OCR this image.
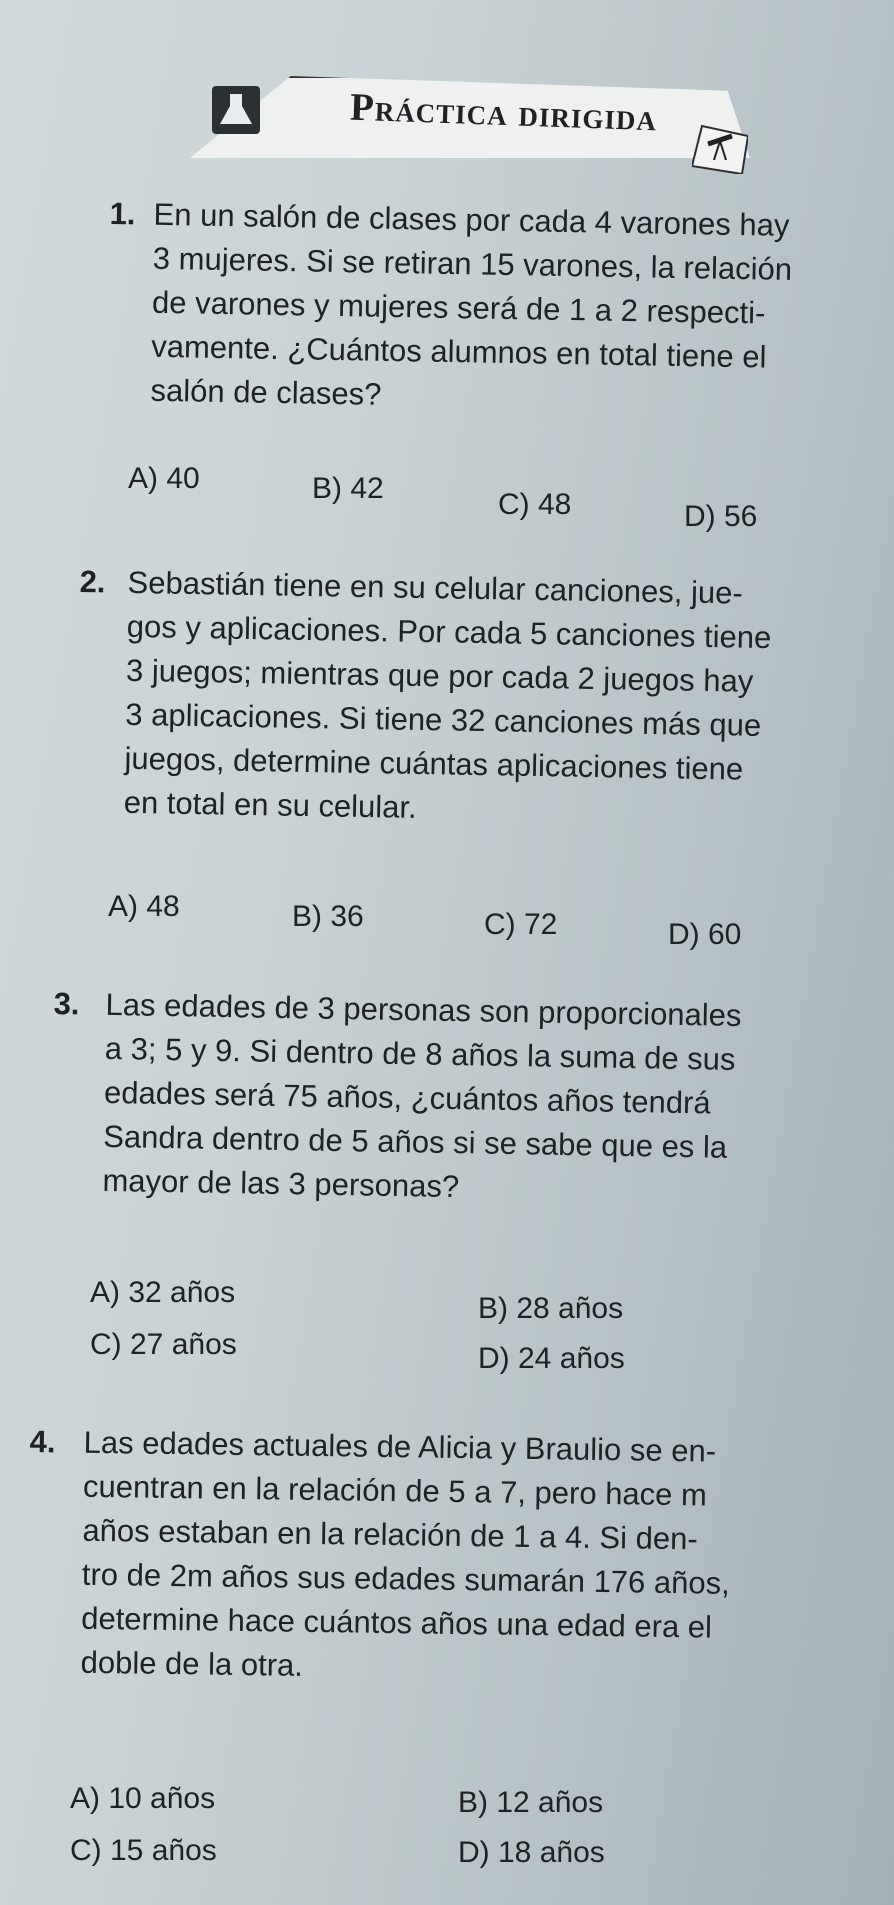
Práctica dirigida
1. En un salón de clases por cada 4 varones hay
3 mujeres. Si se retiran 15 varones, la relación
de varones y mujeres será de 1 a 2 respecti-
vamente. ¿Cuántos alumnos en total tiene el
salón de clases?
A) 40	B) 42	C) 48	D) 56
2. Sebastián tiene en su celular canciones, jue-
gos y aplicaciones. Por cada 5 canciones tiene
3 juegos; mientras que por cada 2 juegos hay
3 aplicaciones. Si tiene 32 canciones más que
juegos, determine cuántas aplicaciones tiene
en total en su celular.
A) 48	B) 36	C) 72	D) 60
3. Las edades de 3 personas son proporcionales
a 3; 5 y 9. Si dentro de 8 años la suma de sus
edades será 75 años, ¿cuántos años tendrá
Sandra dentro de 5 años si se sabe que es la
mayor de las 3 personas?
A) 32 años	B) 28 años
C) 27 años	D) 24 años
4. Las edades actuales de Alicia y Braulio se en-
cuentran en la relación de 5 a 7, pero hace m
años estaban en la relación de 1 a 4. Si den-
tro de 2m años sus edades sumarán 176 años,
determine hace cuántos años una edad era el
doble de la otra.
A) 10 años	B) 12 años
C) 15 años	D) 18 años
